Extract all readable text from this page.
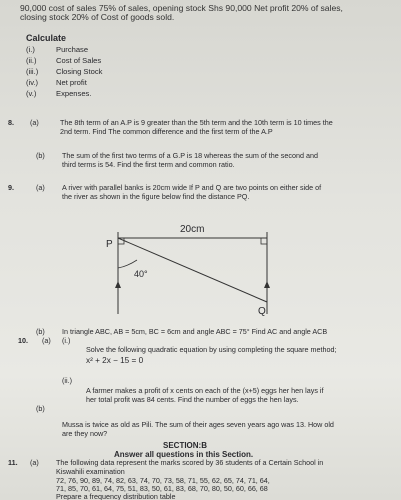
90,000 cost of sales 75% of sales, opening stock Shs 90,000 Net profit 20% of sales,
closing stock 20% of Cost of goods sold.
Calculate
(i.)	Purchase
(ii.)	Cost of Sales
(iii.) Closing Stock
(iv.) Net profit
(v.)	Expenses.
8. (a)	The 8th term of an A.P is 9 greater than the 5th term and the 10th term is 10 times the
2nd term. Find The common difference and the first term of the A.P
(b) The sum of the first two terms of a G.P is 18 whereas the sum of the second and
third terms is 54. Find the first term and common ratio.
9.	(a) A river with parallel banks is 20cm wide If P and Q are two points on either side of
the river as shown in the figure below find the distance PQ.
20cm
P
Q
40°
(b) In triangle ABC, AB = 5cm, BC = 6cm and angle ABC = 75° Find AC and angle ACB
10. (a) (i.)
Solve the following quadratic equation by using completing the square method;
x² + 2x − 15 = 0
(ii.)
A farmer makes a profit of x cents on each of the (x+5) eggs her hen lays if
her total profit was 84 cents. Find the number of eggs the hen lays.
(b)
Mussa is twice as old as Pili. The sum of their ages seven years ago was 13. How old
are they now?
SECTION:B
Answer all questions in this Section.
11. (a) The following data represent the marks scored by 36 students of a Certain School in
Kiswahili examination
72, 76, 90, 89, 74, 82, 63, 74, 70, 73, 58, 71, 55, 62, 65, 74, 71, 64,
71, 85, 70, 61, 64, 75, 51, 83, 50, 61, 83, 68, 70, 80, 50, 60, 66, 68
Prepare a frequency distribution table
